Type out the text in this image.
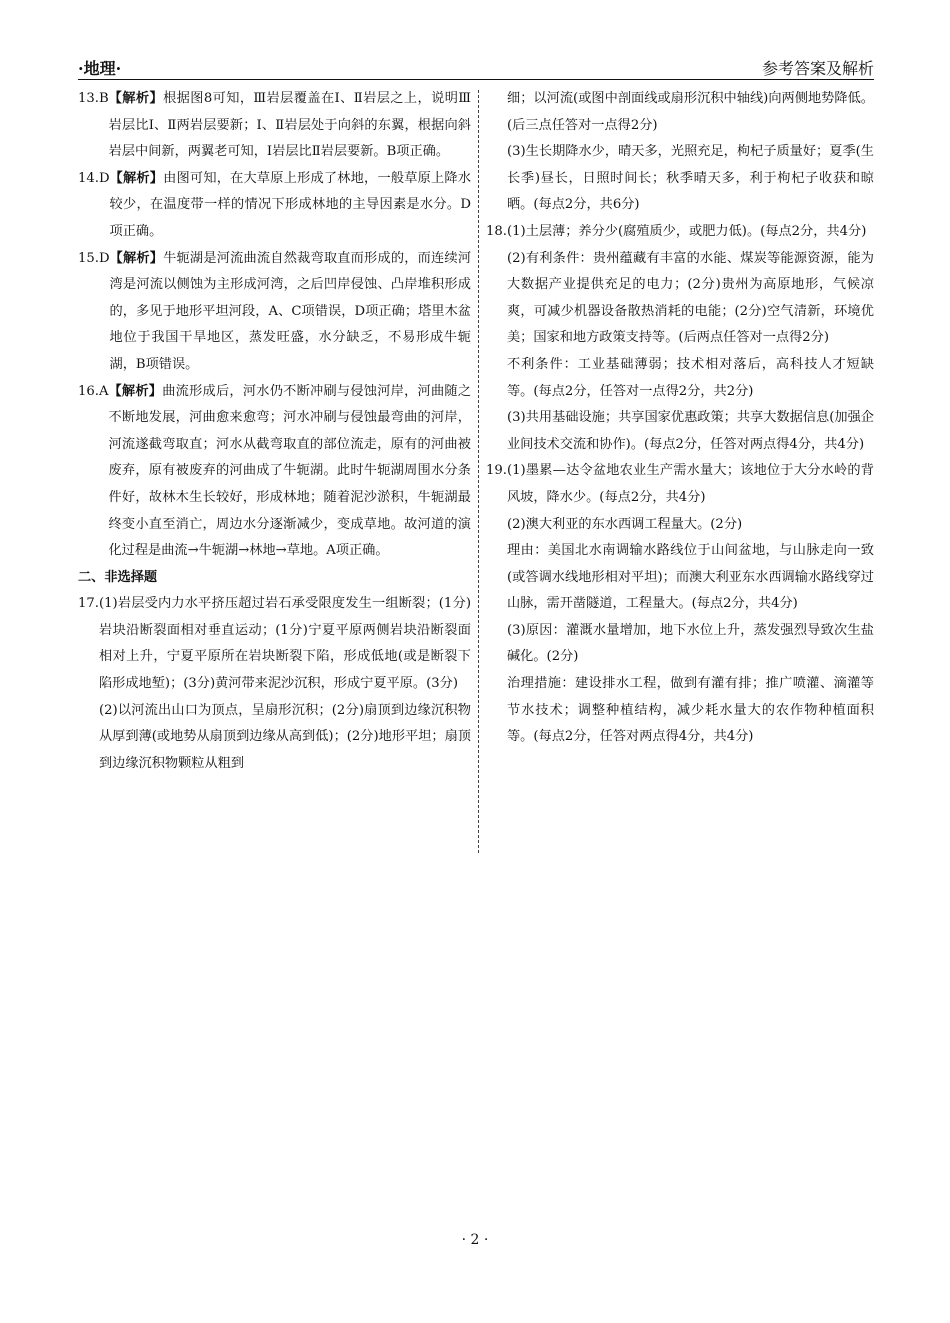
·地理·	参考答案及解析
13.B 【解析】根据图8可知，Ⅲ岩层覆盖在Ⅰ、Ⅱ岩层之上，说明Ⅲ岩层比Ⅰ、Ⅱ两岩层要新；Ⅰ、Ⅱ岩层处于向斜的东翼，根据向斜岩层中间新，两翼老可知，Ⅰ岩层比Ⅱ岩层要新。B项正确。
14.D 【解析】由图可知，在大草原上形成了林地，一般草原上降水较少，在温度带一样的情况下形成林地的主导因素是水分。D项正确。
15.D 【解析】牛轭湖是河流曲流自然裁弯取直而形成的，而连续河湾是河流以侧蚀为主形成河湾，之后凹岸侵蚀、凸岸堆积形成的，多见于地形平坦河段，A、C项错误，D项正确；塔里木盆地位于我国干旱地区，蒸发旺盛，水分缺乏，不易形成牛轭湖，B项错误。
16.A 【解析】曲流形成后，河水仍不断冲刷与侵蚀河岸，河曲随之不断地发展，河曲愈来愈弯；河水冲刷与侵蚀最弯曲的河岸，河流遂截弯取直；河水从截弯取直的部位流走，原有的河曲被废弃，原有被废弃的河曲成了牛轭湖。此时牛轭湖周围水分条件好，故林木生长较好，形成林地；随着泥沙淤积，牛轭湖最终变小直至消亡，周边水分逐渐减少，变成草地。故河道的演化过程是曲流→牛轭湖→林地→草地。A项正确。
二、非选择题
17. (1)岩层受内力水平挤压超过岩石承受限度发生一组断裂；(1分)岩块沿断裂面相对垂直运动；(1分)宁夏平原两侧岩块沿断裂面相对上升，宁夏平原所在岩块断裂下陷，形成低地(或是断裂下陷形成地堑)；(3分)黄河带来泥沙沉积，形成宁夏平原。(3分)
(2)以河流出山口为顶点，呈扇形沉积；(2分)扇顶到边缘沉积物从厚到薄(或地势从扇顶到边缘从高到低)；(2分)地形平坦；扇顶到边缘沉积物颗粒从粗到
细；以河流(或图中剖面线或扇形沉积中轴线)向两侧地势降低。(后三点任答对一点得2分)
(3)生长期降水少，晴天多，光照充足，枸杞子质量好；夏季(生长季)昼长，日照时间长；秋季晴天多，利于枸杞子收获和晾晒。(每点2分，共6分)
18. (1)土层薄；养分少(腐殖质少，或肥力低)。(每点2分，共4分)
(2)有利条件：贵州蕴藏有丰富的水能、煤炭等能源资源，能为大数据产业提供充足的电力；(2分)贵州为高原地形，气候凉爽，可减少机器设备散热消耗的电能；(2分)空气清新，环境优美；国家和地方政策支持等。(后两点任答对一点得2分)
不利条件：工业基础薄弱；技术相对落后，高科技人才短缺等。(每点2分，任答对一点得2分，共2分)
(3)共用基础设施；共享国家优惠政策；共享大数据信息(加强企业间技术交流和协作)。(每点2分，任答对两点得4分，共4分)
19. (1)墨累—达令盆地农业生产需水量大；该地位于大分水岭的背风坡，降水少。(每点2分，共4分)
(2)澳大利亚的东水西调工程量大。(2分)
理由：美国北水南调输水路线位于山间盆地，与山脉走向一致(或答调水线地形相对平坦)；而澳大利亚东水西调输水路线穿过山脉，需开凿隧道，工程量大。(每点2分，共4分)
(3)原因：灌溉水量增加，地下水位上升，蒸发强烈导致次生盐碱化。(2分)
治理措施：建设排水工程，做到有灌有排；推广喷灌、滴灌等节水技术；调整种植结构，减少耗水量大的农作物种植面积等。(每点2分，任答对两点得4分，共4分)
· 2 ·
